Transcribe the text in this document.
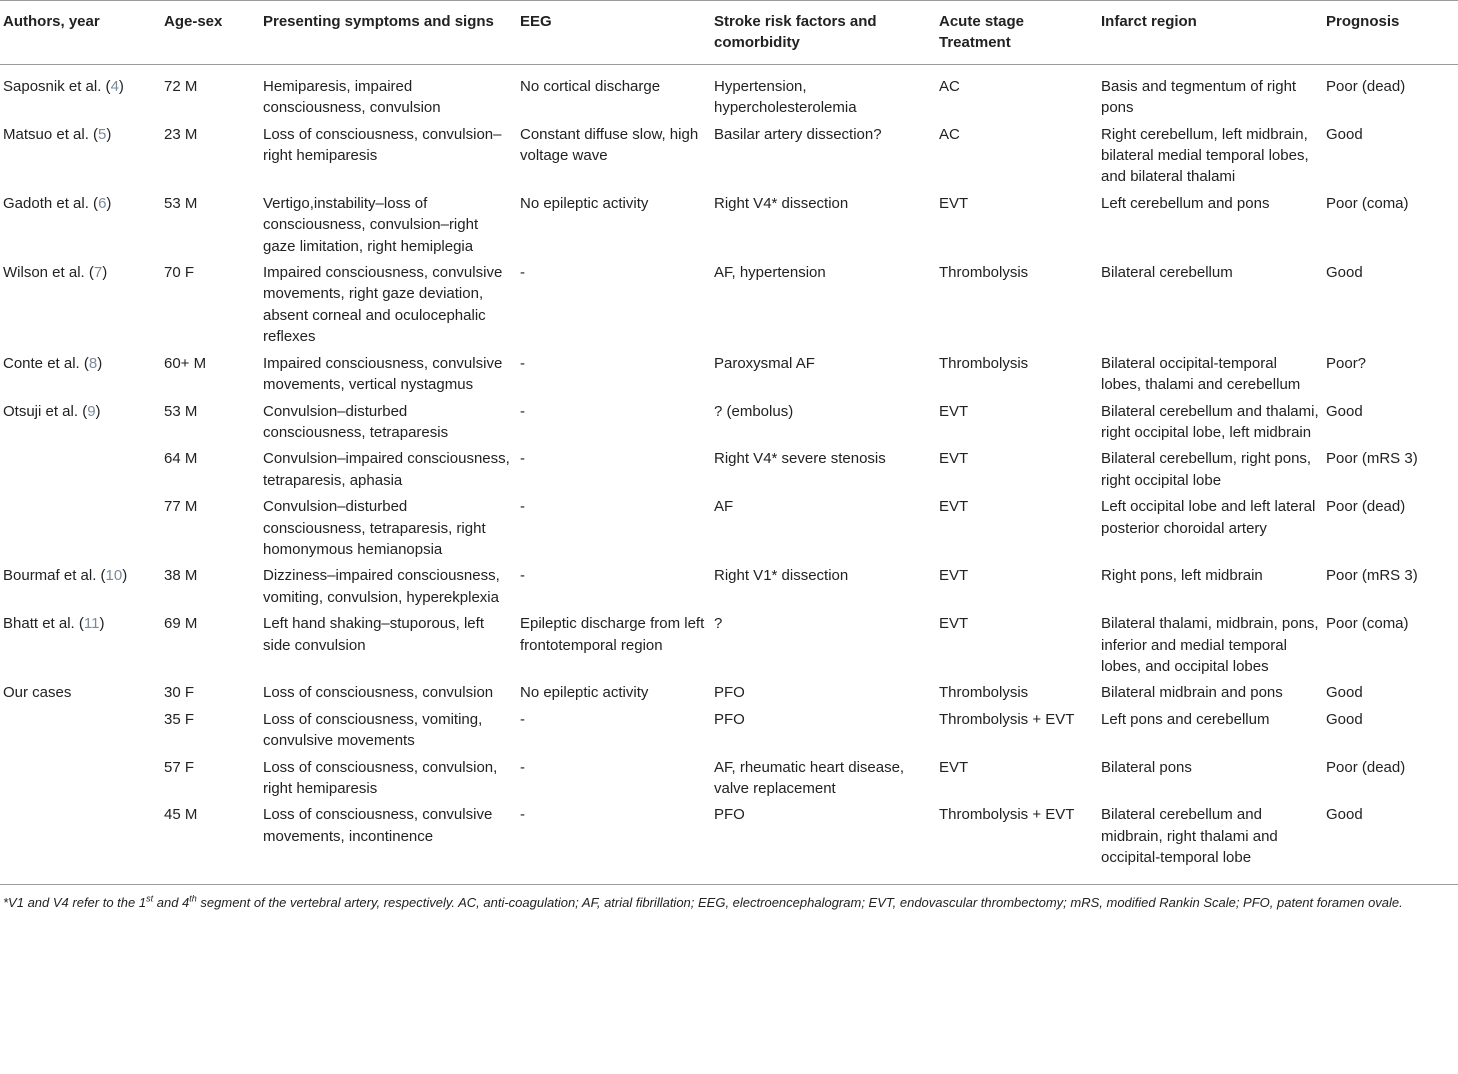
Authors, year	Age-sex	Presenting symptoms and signs	EEG	Stroke risk factors and comorbidity	Acute stage Treatment	Infarct region	Prognosis
Saposnik et al. (4)	72 M	Hemiparesis, impaired consciousness, convulsion	No cortical discharge	Hypertension, hypercholesterolemia	AC	Basis and tegmentum of right pons	Poor (dead)
Matsuo et al. (5)	23 M	Loss of consciousness, convulsion–right hemiparesis	Constant diffuse slow, high voltage wave	Basilar artery dissection?	AC	Right cerebellum, left midbrain, bilateral medial temporal lobes, and bilateral thalami	Good
Gadoth et al. (6)	53 M	Vertigo,instability–loss of consciousness, convulsion–right gaze limitation, right hemiplegia	No epileptic activity	Right V4* dissection	EVT	Left cerebellum and pons	Poor (coma)
Wilson et al. (7)	70 F	Impaired consciousness, convulsive movements, right gaze deviation, absent corneal and oculocephalic reflexes	-	AF, hypertension	Thrombolysis	Bilateral cerebellum	Good
Conte et al. (8)	60+ M	Impaired consciousness, convulsive movements, vertical nystagmus	-	Paroxysmal AF	Thrombolysis	Bilateral occipital-temporal lobes, thalami and cerebellum	Poor?
Otsuji et al. (9)	53 M	Convulsion–disturbed consciousness, tetraparesis	-	? (embolus)	EVT	Bilateral cerebellum and thalami, right occipital lobe, left midbrain	Good
	64 M	Convulsion–impaired consciousness, tetraparesis, aphasia	-	Right V4* severe stenosis	EVT	Bilateral cerebellum, right pons, right occipital lobe	Poor (mRS 3)
	77 M	Convulsion–disturbed consciousness, tetraparesis, right homonymous hemianopsia	-	AF	EVT	Left occipital lobe and left lateral posterior choroidal artery	Poor (dead)
Bourmaf et al. (10)	38 M	Dizziness–impaired consciousness, vomiting, convulsion, hyperekplexia	-	Right V1* dissection	EVT	Right pons, left midbrain	Poor (mRS 3)
Bhatt et al. (11)	69 M	Left hand shaking–stuporous, left side convulsion	Epileptic discharge from left frontotemporal region	?	EVT	Bilateral thalami, midbrain, pons, inferior and medial temporal lobes, and occipital lobes	Poor (coma)
Our cases	30 F	Loss of consciousness, convulsion	No epileptic activity	PFO	Thrombolysis	Bilateral midbrain and pons	Good
	35 F	Loss of consciousness, vomiting, convulsive movements	-	PFO	Thrombolysis + EVT	Left pons and cerebellum	Good
	57 F	Loss of consciousness, convulsion, right hemiparesis	-	AF, rheumatic heart disease, valve replacement	EVT	Bilateral pons	Poor (dead)
	45 M	Loss of consciousness, convulsive movements, incontinence	-	PFO	Thrombolysis + EVT	Bilateral cerebellum and midbrain, right thalami and occipital-temporal lobe	Good
*V1 and V4 refer to the 1st and 4th segment of the vertebral artery, respectively. AC, anti-coagulation; AF, atrial fibrillation; EEG, electroencephalogram; EVT, endovascular thrombectomy; mRS, modified Rankin Scale; PFO, patent foramen ovale.
